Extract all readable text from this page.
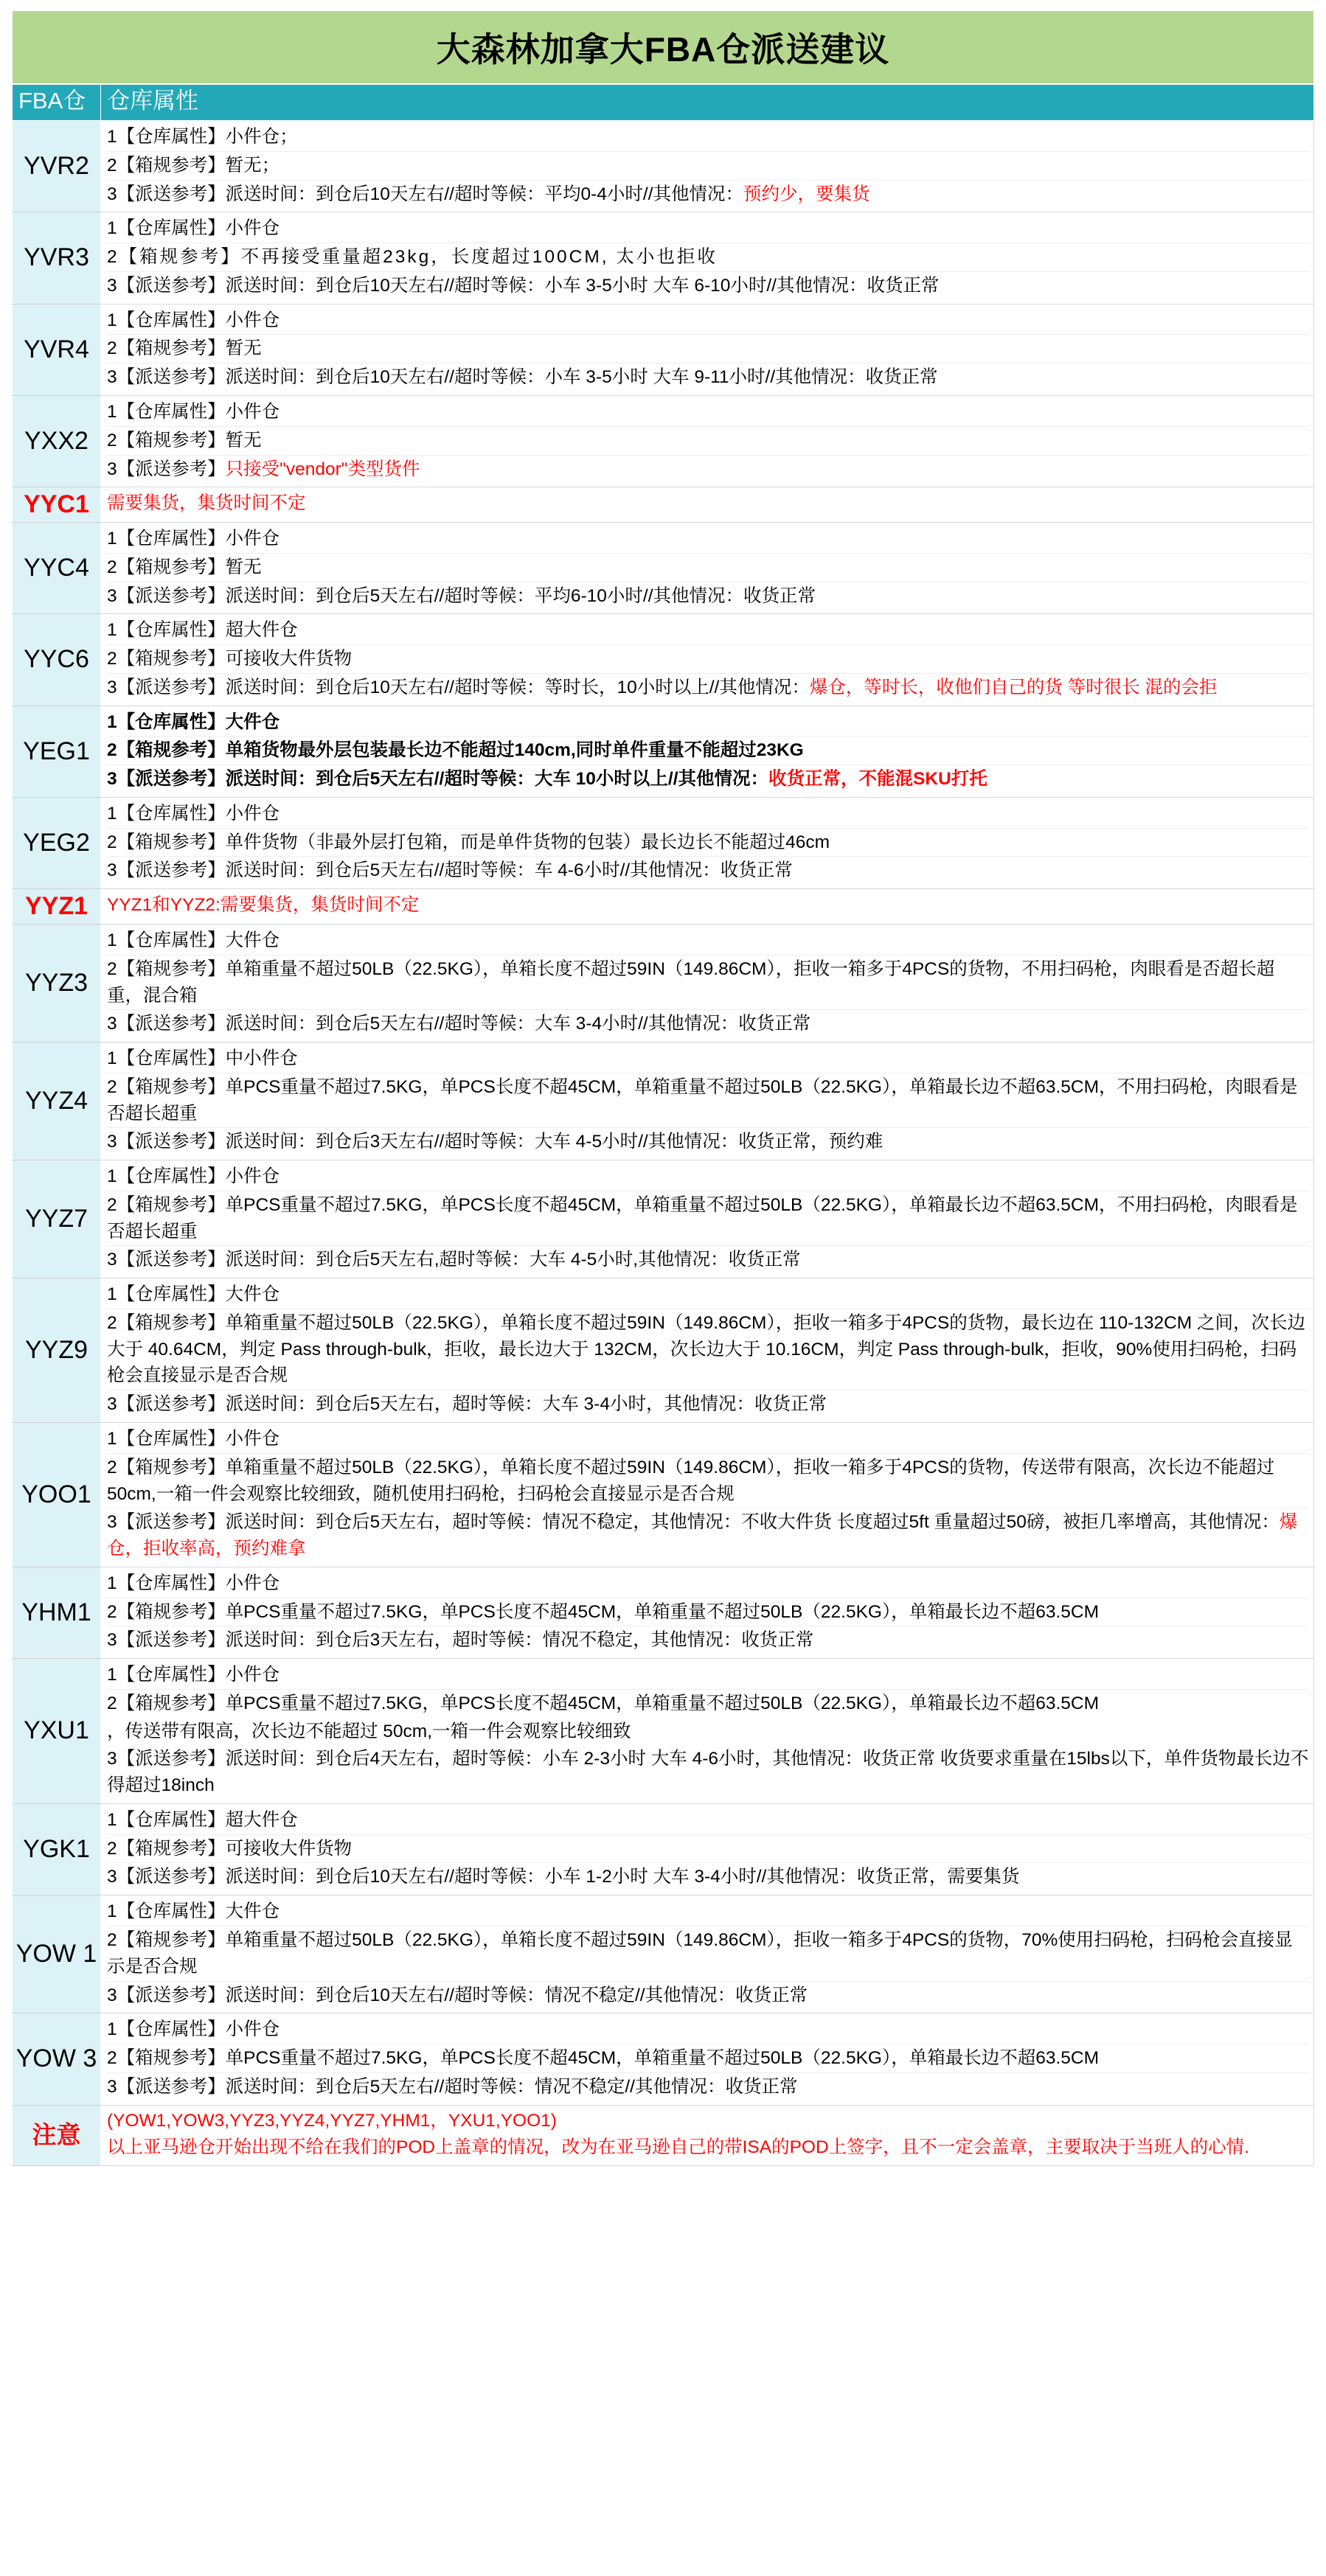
大森林加拿大FBA仓派送建议
FBA仓	仓库属性
YVR2	1【仓库属性】小件仓；
2【箱规参考】暂无；
3【派送参考】派送时间：到仓后10天左右//超时等候：平均0-4小时//其他情况：预约少，要集货

YVR3	1【仓库属性】小件仓
2【箱规参考】不再接受重量超23kg，长度超过100CM, 太小也拒收
3【派送参考】派送时间：到仓后10天左右//超时等候：小车 3-5小时 大车 6-10小时//其他情况：收货正常

YVR4	1【仓库属性】小件仓
2【箱规参考】暂无
3【派送参考】派送时间：到仓后10天左右//超时等候：小车 3-5小时 大车 9-11小时//其他情况：收货正常

YXX2	1【仓库属性】小件仓
2【箱规参考】暂无
3【派送参考】只接受"vendor"类型货件

YYC1	需要集货，集货时间不定

YYC4	1【仓库属性】小件仓
2【箱规参考】暂无
3【派送参考】派送时间：到仓后5天左右//超时等候：平均6-10小时//其他情况：收货正常

YYC6	1【仓库属性】超大件仓
2【箱规参考】可接收大件货物
3【派送参考】派送时间：到仓后10天左右//超时等候：等时长，10小时以上//其他情况：爆仓，等时长，收他们自己的货 等时很长 混的会拒

YEG1	1【仓库属性】大件仓
2【箱规参考】单箱货物最外层包装最长边不能超过140cm,同时单件重量不能超过23KG
3【派送参考】派送时间：到仓后5天左右//超时等候：大车 10小时以上//其他情况：收货正常，不能混SKU打托

YEG2	1【仓库属性】小件仓
2【箱规参考】单件货物（非最外层打包箱，而是单件货物的包装）最长边长不能超过46cm
3【派送参考】派送时间：到仓后5天左右//超时等候：车 4-6小时//其他情况：收货正常

YYZ1	YYZ1和YYZ2:需要集货，集货时间不定

YYZ3	1【仓库属性】大件仓
2【箱规参考】单箱重量不超过50LB（22.5KG），单箱长度不超过59IN（149.86CM），拒收一箱多于4PCS的货物，不用扫码枪，肉眼看是否超长超重，混合箱
3【派送参考】派送时间：到仓后5天左右//超时等候：大车 3-4小时//其他情况：收货正常

YYZ4	1【仓库属性】中小件仓
2【箱规参考】单PCS重量不超过7.5KG，单PCS长度不超45CM，单箱重量不超过50LB（22.5KG），单箱最长边不超63.5CM，不用扫码枪，肉眼看是否超长超重
3【派送参考】派送时间：到仓后3天左右//超时等候：大车 4-5小时//其他情况：收货正常，预约难

YYZ7	1【仓库属性】小件仓
2【箱规参考】单PCS重量不超过7.5KG，单PCS长度不超45CM，单箱重量不超过50LB（22.5KG），单箱最长边不超63.5CM，不用扫码枪，肉眼看是否超长超重
3【派送参考】派送时间：到仓后5天左右,超时等候：大车 4-5小时,其他情况：收货正常

YYZ9	1【仓库属性】大件仓
2【箱规参考】单箱重量不超过50LB（22.5KG），单箱长度不超过59IN（149.86CM），拒收一箱多于4PCS的货物，最长边在 110-132CM 之间，次长边大于 40.64CM，判定 Pass through-bulk，拒收，最长边大于 132CM，次长边大于 10.16CM，判定 Pass through-bulk，拒收，90%使用扫码枪，扫码枪会直接显示是否合规
3【派送参考】派送时间：到仓后5天左右，超时等候：大车 3-4小时，其他情况：收货正常

YOO1	1【仓库属性】小件仓
2【箱规参考】单箱重量不超过50LB（22.5KG），单箱长度不超过59IN（149.86CM），拒收一箱多于4PCS的货物，传送带有限高，次长边不能超过 50cm,一箱一件会观察比较细致，随机使用扫码枪，扫码枪会直接显示是否合规
3【派送参考】派送时间：到仓后5天左右，超时等候：情况不稳定，其他情况：不收大件货 长度超过5ft 重量超过50磅，被拒几率增高，其他情况：爆仓，拒收率高，预约难拿

YHM1	1【仓库属性】小件仓
2【箱规参考】单PCS重量不超过7.5KG，单PCS长度不超45CM，单箱重量不超过50LB（22.5KG），单箱最长边不超63.5CM
3【派送参考】派送时间：到仓后3天左右，超时等候：情况不稳定，其他情况：收货正常

YXU1	1【仓库属性】小件仓
2【箱规参考】单PCS重量不超过7.5KG，单PCS长度不超45CM，单箱重量不超过50LB（22.5KG），单箱最长边不超63.5CM
，传送带有限高，次长边不能超过 50cm,一箱一件会观察比较细致
3【派送参考】派送时间：到仓后4天左右，超时等候：小车 2-3小时 大车 4-6小时，其他情况：收货正常 收货要求重量在15lbs以下，单件货物最长边不得超过18inch

YGK1	1【仓库属性】超大件仓
2【箱规参考】可接收大件货物
3【派送参考】派送时间：到仓后10天左右//超时等候：小车 1-2小时 大车 3-4小时//其他情况：收货正常，需要集货

YOW 1	1【仓库属性】大件仓
2【箱规参考】单箱重量不超过50LB（22.5KG），单箱长度不超过59IN（149.86CM），拒收一箱多于4PCS的货物，70%使用扫码枪，扫码枪会直接显示是否合规
3【派送参考】派送时间：到仓后10天左右//超时等候：情况不稳定//其他情况：收货正常

YOW 3	1【仓库属性】小件仓
2【箱规参考】单PCS重量不超过7.5KG，单PCS长度不超45CM，单箱重量不超过50LB（22.5KG），单箱最长边不超63.5CM
3【派送参考】派送时间：到仓后5天左右//超时等候：情况不稳定//其他情况：收货正常

注意	(YOW1,YOW3,YYZ3,YYZ4,YYZ7,YHM1，YXU1,YOO1)
以上亚马逊仓开始出现不给在我们的POD上盖章的情况，改为在亚马逊自己的带ISA的POD上签字，且不一定会盖章，主要取决于当班人的心情.
